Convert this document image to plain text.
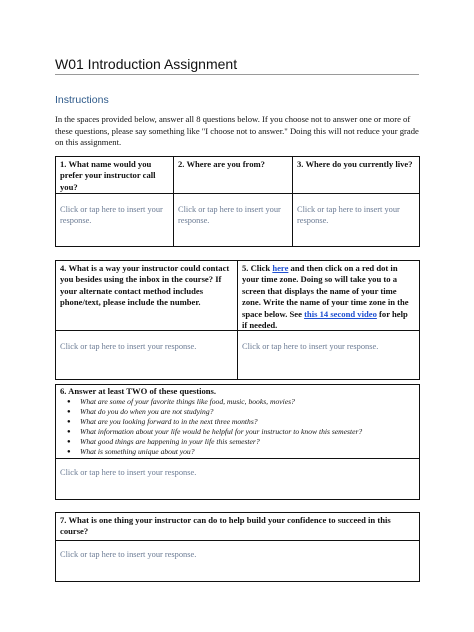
W01 Introduction Assignment
Instructions
In the spaces provided below, answer all 8 questions below. If you choose not to answer one or more of these questions, please say something like "I choose not to answer." Doing this will not reduce your grade on this assignment.
1. What name would you prefer your instructor call you?
2. Where are you from?	3. Where do you currently live?
Click or tap here to insert your response.
Click or tap here to insert your response.
Click or tap here to insert your response.
4. What is a way your instructor could contact you besides using the inbox in the course? If your alternate contact method includes phone/text, please include the number.
5. Click here and then click on a red dot in your time zone. Doing so will take you to a screen that displays the name of your time zone. Write the name of your time zone in the space below. See this 14 second video for help if needed.
Click or tap here to insert your response.	Click or tap here to insert your response.
6. Answer at least TWO of these questions.
● What are some of your favorite things like food, music, books, movies?
● What do you do when you are not studying?
● What are you looking forward to in the next three months?
● What information about your life would be helpful for your instructor to know this semester?
● What good things are happening in your life this semester?
● What is something unique about you?
Click or tap here to insert your response.
7. What is one thing your instructor can do to help build your confidence to succeed in this course?
Click or tap here to insert your response.
